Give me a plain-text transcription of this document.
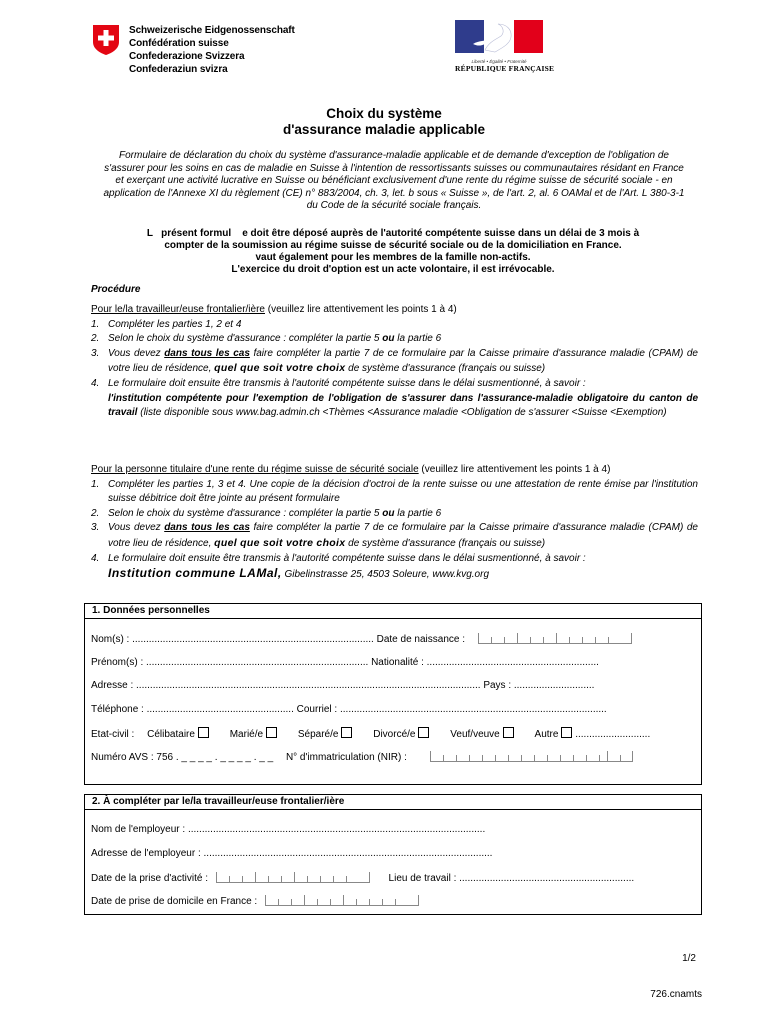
Schweizerische Eidgenossenschaft
Confédération suisse
Confederazione Svizzera
Confederaziun svizra
Liberté • Égalité • Fraternité
RÉPUBLIQUE FRANÇAISE
Choix du système
d'assurance maladie applicable
Formulaire de déclaration du choix du système d'assurance-maladie applicable et de demande d'exception de l'obligation de s'assurer pour les soins en cas de maladie en Suisse à l'intention de ressortissants suisses ou communautaires résidant en France et exerçant une activité lucrative en Suisse ou bénéficiant exclusivement d'une rente du régime suisse de sécurité sociale - en application de l'Annexe XI du règlement (CE) n° 883/2004, ch. 3, let. b sous « Suisse », de l'art. 2, al. 6 OAMal et de l'Art. L 380-3-1 du Code de la sécurité sociale français.
L   présent formul    e doit être déposé auprès de l'autorité compétente suisse dans un délai de 3 mois à
compter de la soumission au régime suisse de sécurité sociale ou de la domiciliation en France.
vaut également pour les membres de la famille non-actifs.
L'exercice du droit d'option est un acte volontaire, il est irrévocable.
Procédure
Pour le/la travailleur/euse frontalier/ière (veuillez lire attentivement les points 1 à 4)
1. Compléter les parties 1, 2 et 4
2. Selon le choix du système d'assurance : compléter la partie 5 ou la partie 6
3. Vous devez dans tous les cas faire compléter la partie 7 de ce formulaire par la Caisse primaire d'assurance maladie (CPAM) de votre lieu de résidence, quel que soit votre choix de système d'assurance (français ou suisse)
4. Le formulaire doit ensuite être transmis à l'autorité compétente suisse dans le délai susmentionné, à savoir :
l'institution compétente pour l'exemption de l'obligation de s'assurer dans l'assurance-maladie obligatoire du canton de travail (liste disponible sous www.bag.admin.ch <Thèmes <Assurance maladie <Obligation de s'assurer <Suisse <Exemption)
Pour la personne titulaire d'une rente du régime suisse de sécurité sociale (veuillez lire attentivement les points 1 à 4)
1. Compléter les parties 1, 3 et 4. Une copie de la décision d'octroi de la rente suisse ou une attestation de rente émise par l'institution suisse débitrice doit être jointe au présent formulaire
2. Selon le choix du système d'assurance : compléter la partie 5 ou la partie 6
3. Vous devez dans tous les cas faire compléter la partie 7 de ce formulaire par la Caisse primaire d'assurance maladie (CPAM) de votre lieu de résidence, quel que soit votre choix de système d'assurance (français ou suisse)
4. Le formulaire doit ensuite être transmis à l'autorité compétente suisse dans le délai susmentionné, à savoir :
Institution commune LAMal, Gibelinstrasse 25, 4503 Soleure, www.kvg.org
1. Données personnelles
Nom(s) : ....................................................................................... Date de naissance :
Prénom(s) : ................................................................................ Nationalité : ..............................................................
Adresse : ............................................................................................................................ Pays : .............................
Téléphone : ..................................................... Courriel : ................................................................................................
Etat-civil : Célibataire	Marié/e	Séparé/e	Divorcé/e	Veuf/veuve	Autre ...........................
Numéro AVS : 756 . _ _ _ _ . _ _ _ _ . _ _ N° d'immatriculation (NIR) :
2. À compléter par le/la travailleur/euse frontalier/ière
Nom de l'employeur : ...........................................................................................................
Adresse de l'employeur : ........................................................................................................
Date de la prise d'activité :	Lieu de travail : ...............................................................
Date de prise de domicile en France :
1/2
726.cnamts
